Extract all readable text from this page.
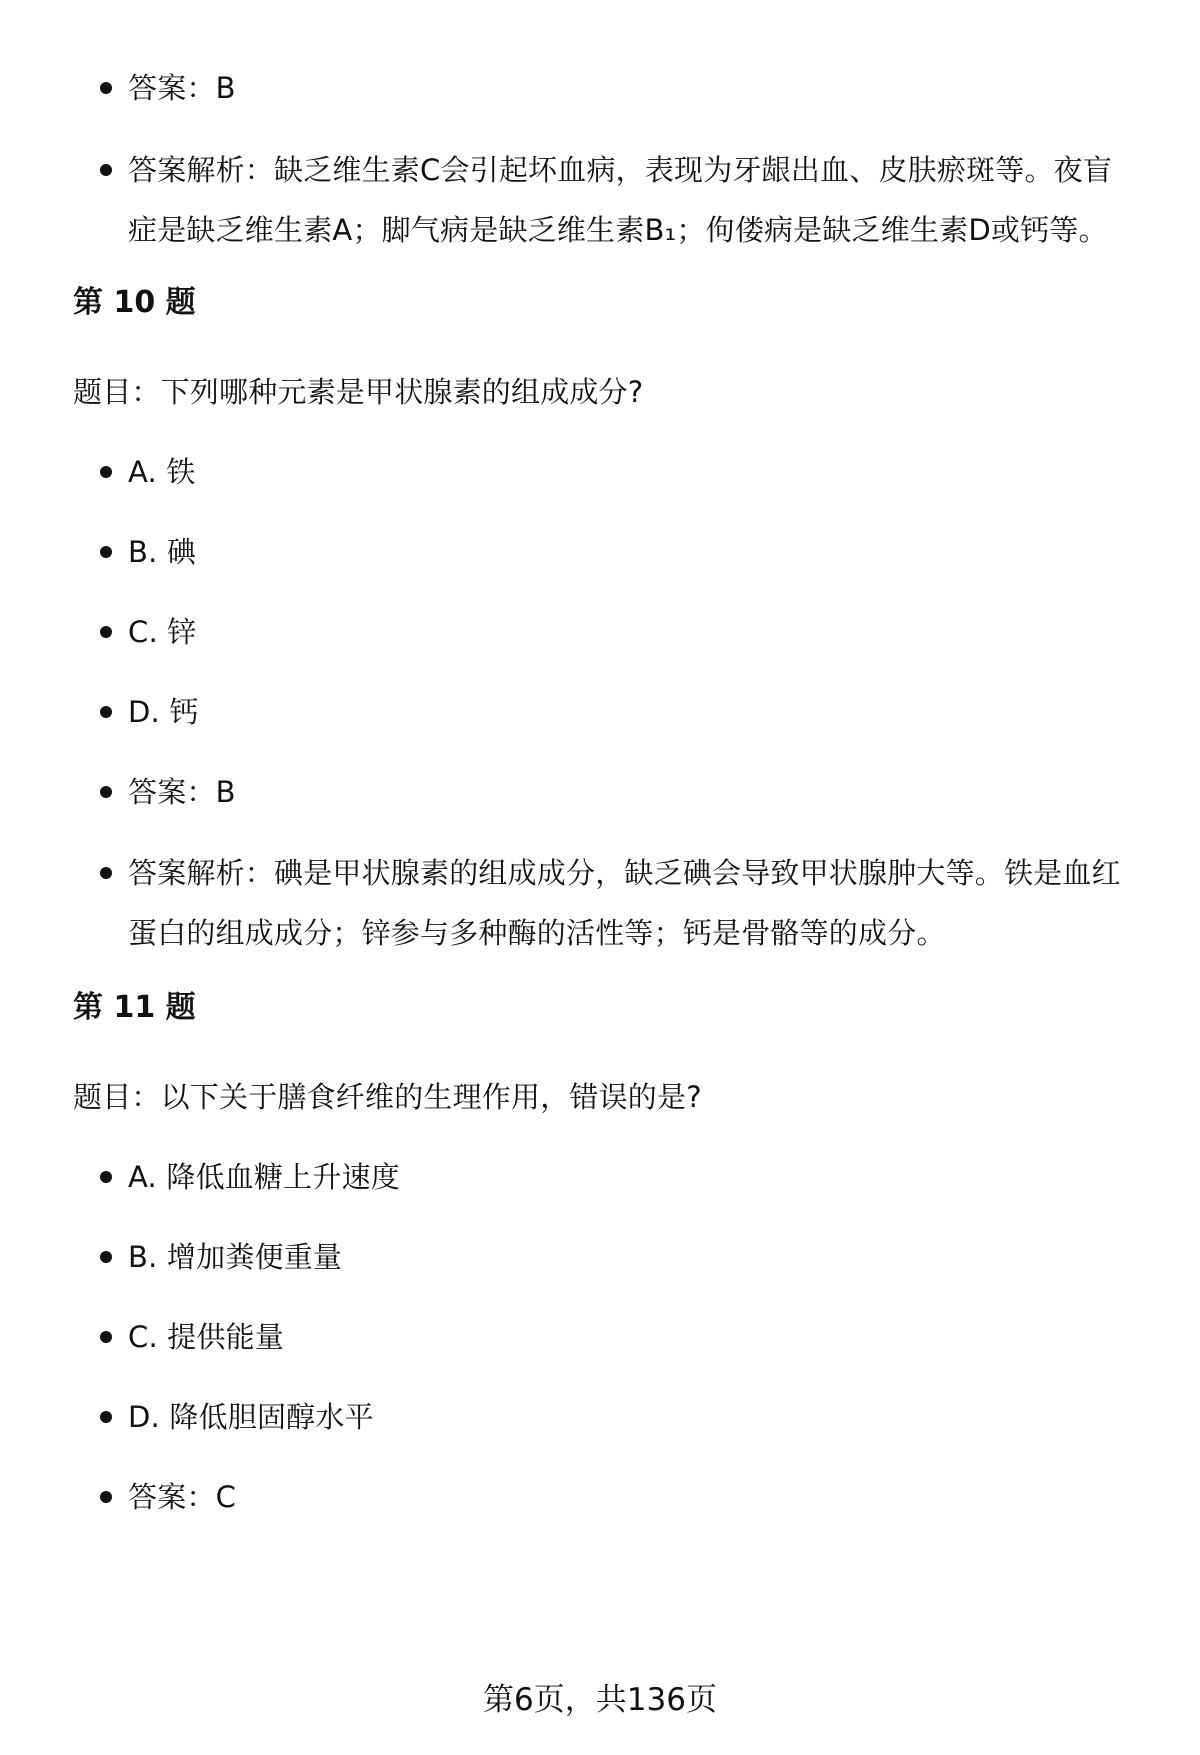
答案：B
答案解析：缺乏维生素C会引起坏血病，表现为牙龈出血、皮肤瘀斑等。夜盲
症是缺乏维生素A；脚气病是缺乏维生素B₁；佝偻病是缺乏维生素D或钙等。
第 10 题
题目：下列哪种元素是甲状腺素的组成成分?
A. 铁
B. 碘
C. 锌
D. 钙
答案：B
答案解析：碘是甲状腺素的组成成分，缺乏碘会导致甲状腺肿大等。铁是血红
蛋白的组成成分；锌参与多种酶的活性等；钙是骨骼等的成分。
第 11 题
题目：以下关于膳食纤维的生理作用，错误的是?
A. 降低血糖上升速度
B. 增加粪便重量
C. 提供能量
D. 降低胆固醇水平
答案：C
第6页，共136页
